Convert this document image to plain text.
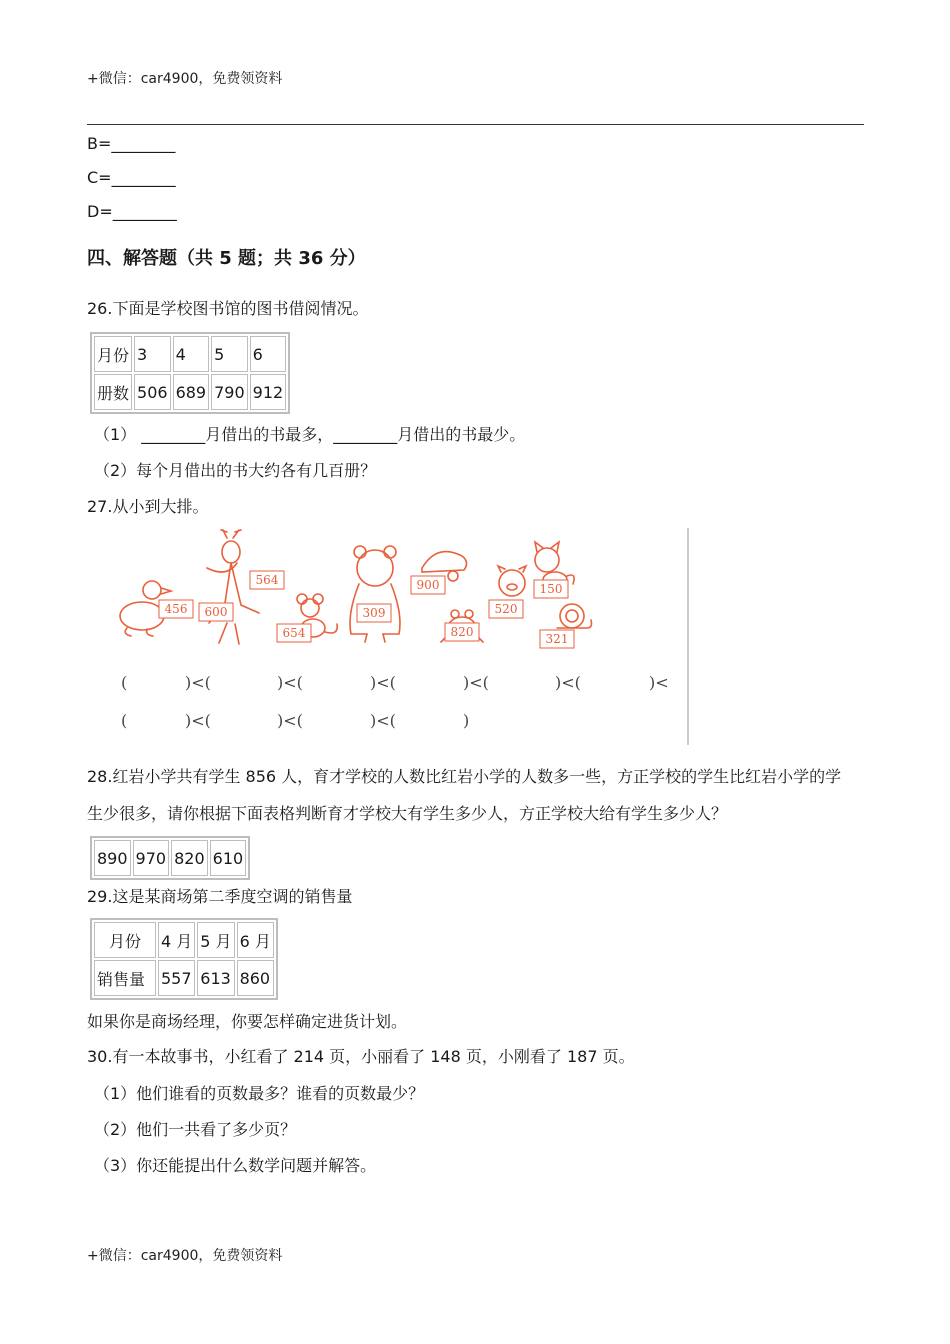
+微信：car4900，免费领资料
B=________
C=________
D=________
四、解答题（共 5 题；共 36 分）
26.下面是学校图书馆的图书借阅情况。
月份	3	4	5	6
册数	506	689	790	912
（1） ________月借出的书最多，________月借出的书最少。
（2）每个月借出的书大约各有几百册？
27.从小到大排。
456 600
564
654
309
900
820
520
150
321
(	)<(	)<(	)<(	)<(	)<(	)<
(	)<(	)<(	)<(	)
28.红岩小学共有学生 856 人，育才学校的人数比红岩小学的人数多一些，方正学校的学生比红岩小学的学
生少很多，请你根据下面表格判断育才学校大有学生多少人，方正学校大给有学生多少人？
890	970	820	610
29.这是某商场第二季度空调的销售量
月份	4 月	5 月	6 月
销售量	557	613	860
如果你是商场经理，你要怎样确定进货计划。
30.有一本故事书，小红看了 214 页，小丽看了 148 页，小刚看了 187 页。
（1）他们谁看的页数最多？谁看的页数最少？
（2）他们一共看了多少页？
（3）你还能提出什么数学问题并解答。
+微信：car4900，免费领资料
